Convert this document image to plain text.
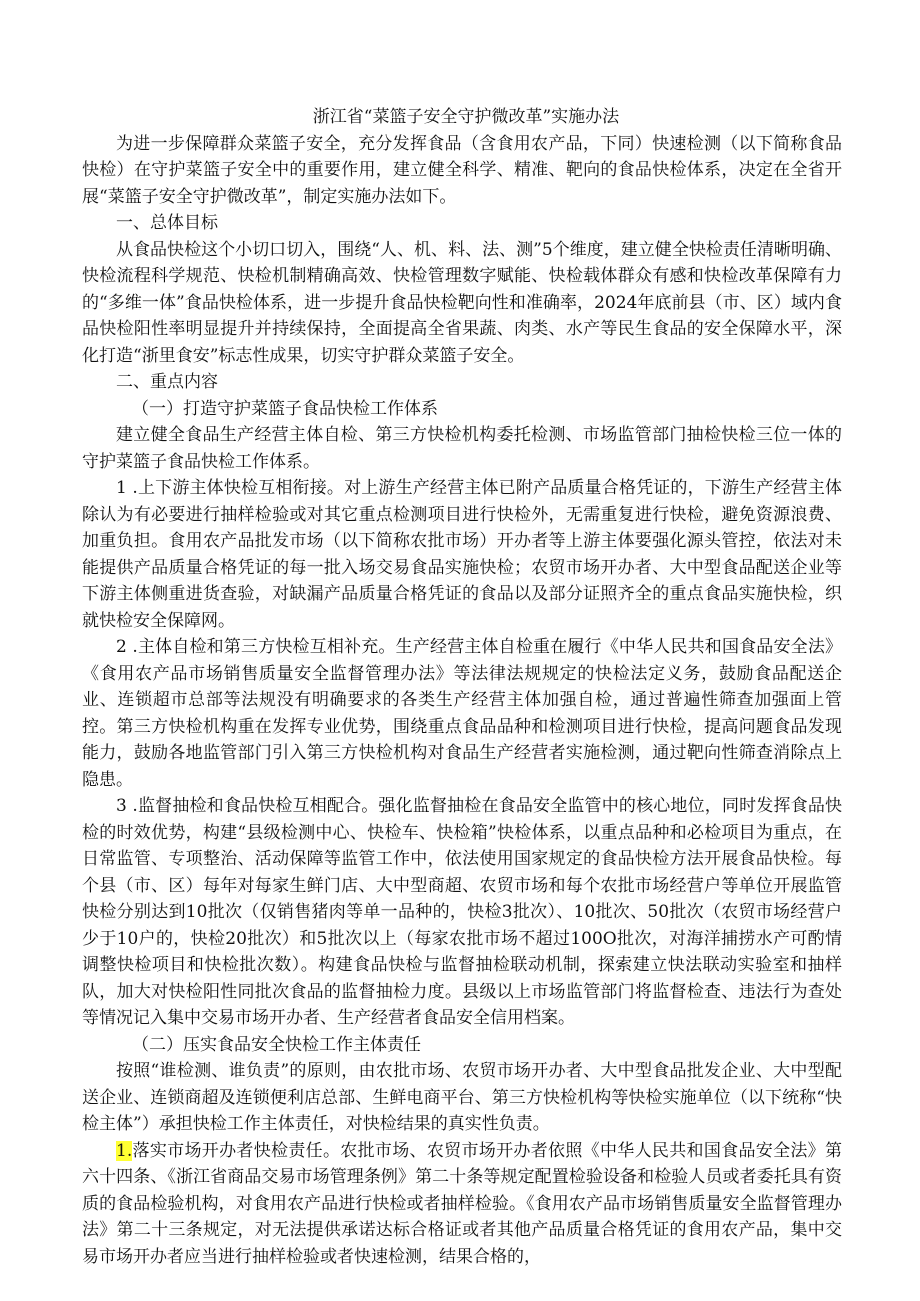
浙江省“菜篮子安全守护微改革”实施办法

为进一步保障群众菜篮子安全，充分发挥食品（含食用农产品，下同）快速检测（以下简称食品快检）在守护菜篮子安全中的重要作用，建立健全科学、精准、靶向的食品快检体系，决定在全省开展“菜篮子安全守护微改革”，制定实施办法如下。

一、总体目标

从食品快检这个小切口切入，围绕“人、机、料、法、测”5个维度，建立健全快检责任清晰明确、快检流程科学规范、快检机制精确高效、快检管理数字赋能、快检载体群众有感和快检改革保障有力的“多维一体”食品快检体系，进一步提升食品快检靶向性和准确率，2024年底前县（市、区）域内食品快检阳性率明显提升并持续保持，全面提高全省果蔬、肉类、水产等民生食品的安全保障水平，深化打造“浙里食安”标志性成果，切实守护群众菜篮子安全。

二、重点内容

（一）打造守护菜篮子食品快检工作体系

建立健全食品生产经营主体自检、第三方快检机构委托检测、市场监管部门抽检快检三位一体的守护菜篮子食品快检工作体系。

1 .上下游主体快检互相衔接。对上游生产经营主体已附产品质量合格凭证的，下游生产经营主体除认为有必要进行抽样检验或对其它重点检测项目进行快检外，无需重复进行快检，避免资源浪费、加重负担。食用农产品批发市场（以下简称农批市场）开办者等上游主体要强化源头管控，依法对未能提供产品质量合格凭证的每一批入场交易食品实施快检；农贸市场开办者、大中型食品配送企业等下游主体侧重进货查验，对缺漏产品质量合格凭证的食品以及部分证照齐全的重点食品实施快检，织就快检安全保障网。

2 .主体自检和第三方快检互相补充。生产经营主体自检重在履行《中华人民共和国食品安全法》《食用农产品市场销售质量安全监督管理办法》等法律法规规定的快检法定义务，鼓励食品配送企业、连锁超市总部等法规没有明确要求的各类生产经营主体加强自检，通过普遍性筛查加强面上管控。第三方快检机构重在发挥专业优势，围绕重点食品品种和检测项目进行快检，提高问题食品发现能力，鼓励各地监管部门引入第三方快检机构对食品生产经营者实施检测，通过靶向性筛查消除点上隐患。

3 .监督抽检和食品快检互相配合。强化监督抽检在食品安全监管中的核心地位，同时发挥食品快检的时效优势，构建“县级检测中心、快检车、快检箱”快检体系，以重点品种和必检项目为重点，在日常监管、专项整治、活动保障等监管工作中，依法使用国家规定的食品快检方法开展食品快检。每个县（市、区）每年对每家生鲜门店、大中型商超、农贸市场和每个农批市场经营户等单位开展监管快检分别达到10批次（仅销售猪肉等单一品种的，快检3批次）、10批次、50批次（农贸市场经营户少于10户的，快检20批次）和5批次以上（每家农批市场不超过100O批次，对海洋捕捞水产可酌情调整快检项目和快检批次数）。构建食品快检与监督抽检联动机制，探索建立快法联动实验室和抽样队，加大对快检阳性同批次食品的监督抽检力度。县级以上市场监管部门将监督检查、违法行为查处等情况记入集中交易市场开办者、生产经营者食品安全信用档案。

（二）压实食品安全快检工作主体责任

按照“谁检测、谁负责”的原则，由农批市场、农贸市场开办者、大中型食品批发企业、大中型配送企业、连锁商超及连锁便利店总部、生鲜电商平台、第三方快检机构等快检实施单位（以下统称“快检主体”）承担快检工作主体责任，对快检结果的真实性负责。

1.落实市场开办者快检责任。农批市场、农贸市场开办者依照《中华人民共和国食品安全法》第六十四条、《浙江省商品交易市场管理条例》第二十条等规定配置检验设备和检验人员或者委托具有资质的食品检验机构，对食用农产品进行快检或者抽样检验。《食用农产品市场销售质量安全监督管理办法》第二十三条规定，对无法提供承诺达标合格证或者其他产品质量合格凭证的食用农产品，集中交易市场开办者应当进行抽样检验或者快速检测，结果合格的，
